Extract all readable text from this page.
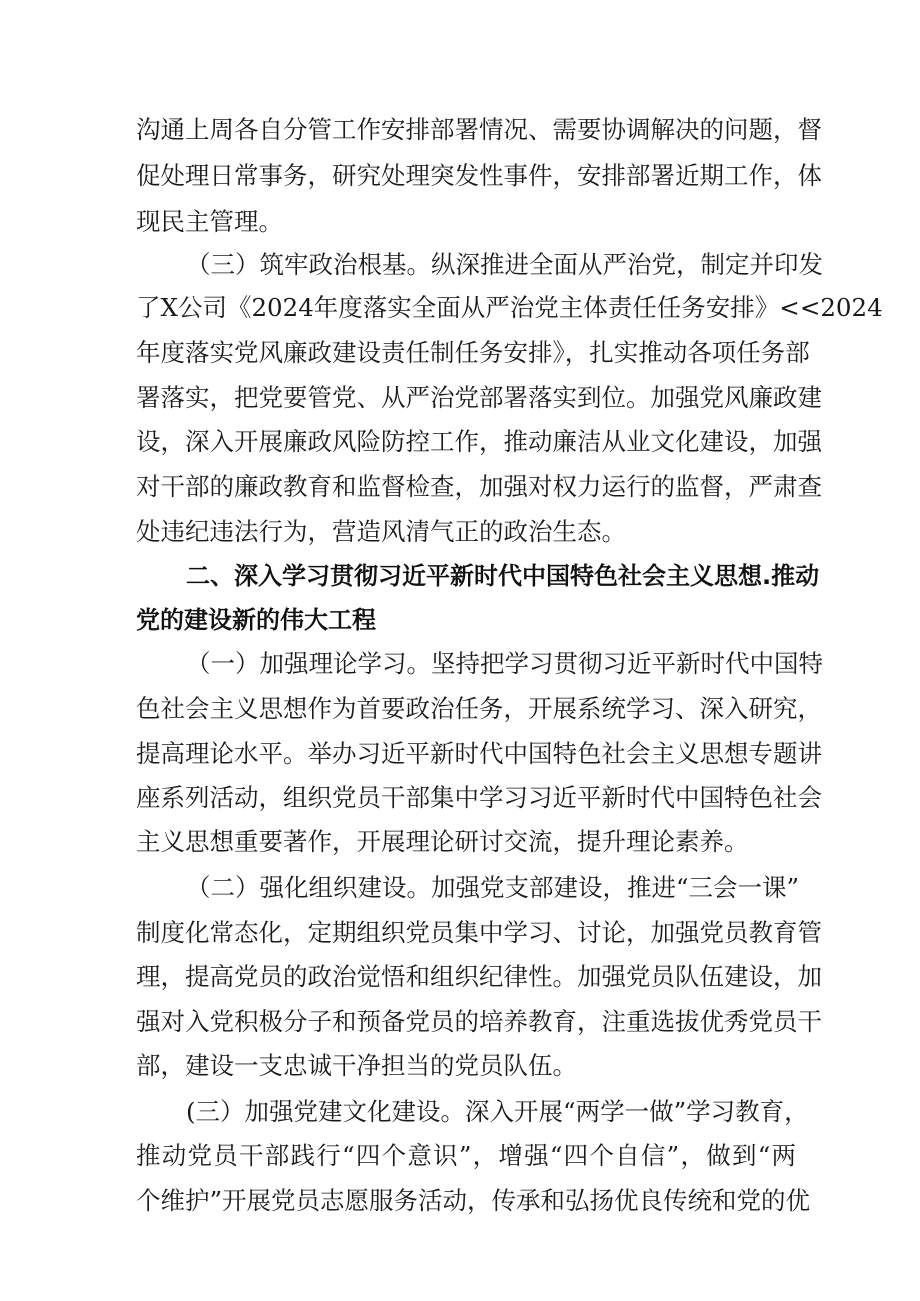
沟通上周各自分管工作安排部署情况、需要协调解决的问题，督
促处理日常事务，研究处理突发性事件，安排部署近期工作，体
现民主管理。
（三）筑牢政治根基。纵深推进全面从严治党，制定并印发
了X公司《2024年度落实全面从严治党主体责任任务安排》<<2024
年度落实党风廉政建设责任制任务安排》，扎实推动各项任务部
署落实，把党要管党、从严治党部署落实到位。加强党风廉政建
设，深入开展廉政风险防控工作，推动廉洁从业文化建设，加强
对干部的廉政教育和监督检查，加强对权力运行的监督，严肃查
处违纪违法行为，营造风清气正的政治生态。
二、深入学习贯彻习近平新时代中国特色社会主义思想.推动
党的建设新的伟大工程
（一）加强理论学习。坚持把学习贯彻习近平新时代中国特
色社会主义思想作为首要政治任务，开展系统学习、深入研究，
提高理论水平。举办习近平新时代中国特色社会主义思想专题讲
座系列活动，组织党员干部集中学习习近平新时代中国特色社会
主义思想重要著作，开展理论研讨交流，提升理论素养。
（二）强化组织建设。加强党支部建设，推进“三会一课”
制度化常态化，定期组织党员集中学习、讨论，加强党员教育管
理，提高党员的政治觉悟和组织纪律性。加强党员队伍建设，加
强对入党积极分子和预备党员的培养教育，注重选拔优秀党员干
部，建设一支忠诚干净担当的党员队伍。
(三）加强党建文化建设。深入开展“两学一做”学习教育，
推动党员干部践行“四个意识”，增强“四个自信”，做到“两
个维护”开展党员志愿服务活动，传承和弘扬优良传统和党的优
